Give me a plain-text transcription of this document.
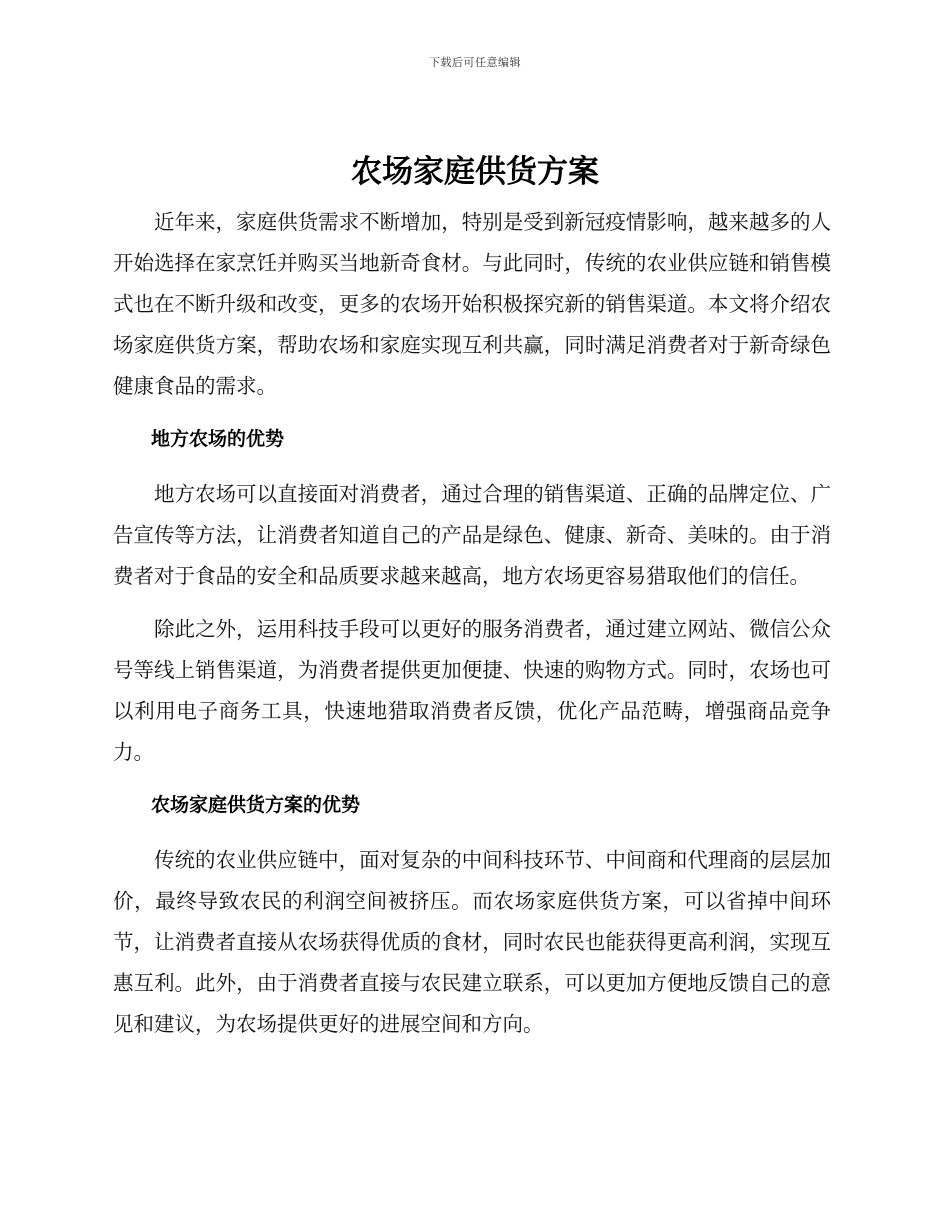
下载后可任意编辑
农场家庭供货方案

近年来，家庭供货需求不断增加，特别是受到新冠疫情影响，越来越多的人开始选择在家烹饪并购买当地新奇食材。与此同时，传统的农业供应链和销售模式也在不断升级和改变，更多的农场开始积极探究新的销售渠道。本文将介绍农场家庭供货方案，帮助农场和家庭实现互利共赢，同时满足消费者对于新奇绿色健康食品的需求。

地方农场的优势

地方农场可以直接面对消费者，通过合理的销售渠道、正确的品牌定位、广告宣传等方法，让消费者知道自己的产品是绿色、健康、新奇、美味的。由于消费者对于食品的安全和品质要求越来越高，地方农场更容易猎取他们的信任。

除此之外，运用科技手段可以更好的服务消费者，通过建立网站、微信公众号等线上销售渠道，为消费者提供更加便捷、快速的购物方式。同时，农场也可以利用电子商务工具，快速地猎取消费者反馈，优化产品范畴，增强商品竞争力。

农场家庭供货方案的优势

传统的农业供应链中，面对复杂的中间科技环节、中间商和代理商的层层加价，最终导致农民的利润空间被挤压。而农场家庭供货方案，可以省掉中间环节，让消费者直接从农场获得优质的食材，同时农民也能获得更高利润，实现互惠互利。此外，由于消费者直接与农民建立联系，可以更加方便地反馈自己的意见和建议，为农场提供更好的进展空间和方向。
